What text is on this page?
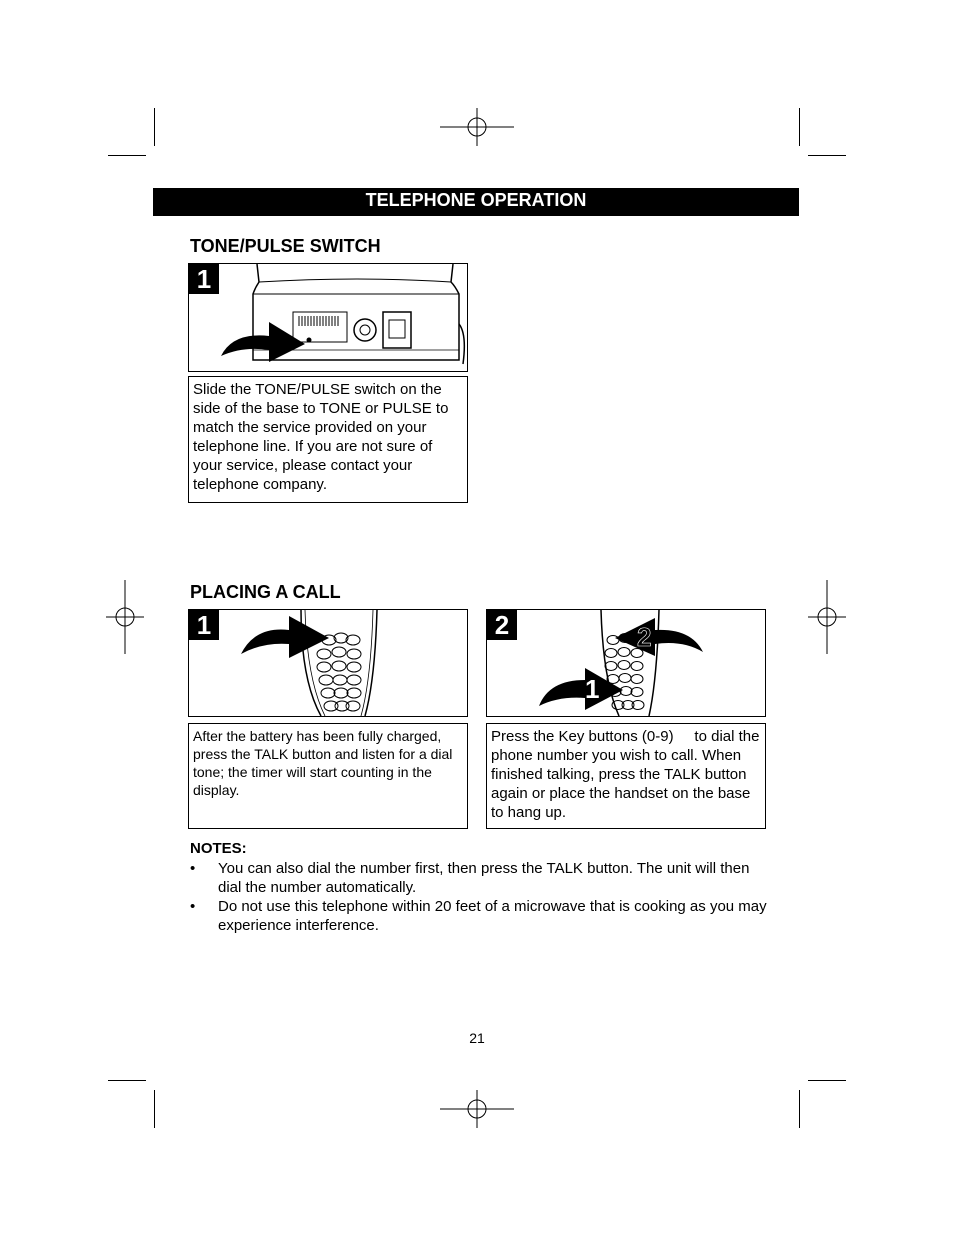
TELEPHONE OPERATION
TONE/PULSE SWITCH
1
Slide the TONE/PULSE switch on the side of the base to TONE or PULSE to match the service provided on your telephone line. If you are not sure of your service, please contact your telephone company.
PLACING A CALL
1	2
1
2
After the battery has been fully charged, press the TALK button and listen for a dial tone; the timer will start counting in the display.
Press the Key buttons (0-9)     to dial the phone number you wish to call. When finished talking, press the TALK button     again or place the handset on the base to hang up.
NOTES:
• You can also dial the number first, then press the TALK button. The unit will then dial the number automatically.
• Do not use this telephone within 20 feet of a microwave that is cooking as you may experience interference.
21
